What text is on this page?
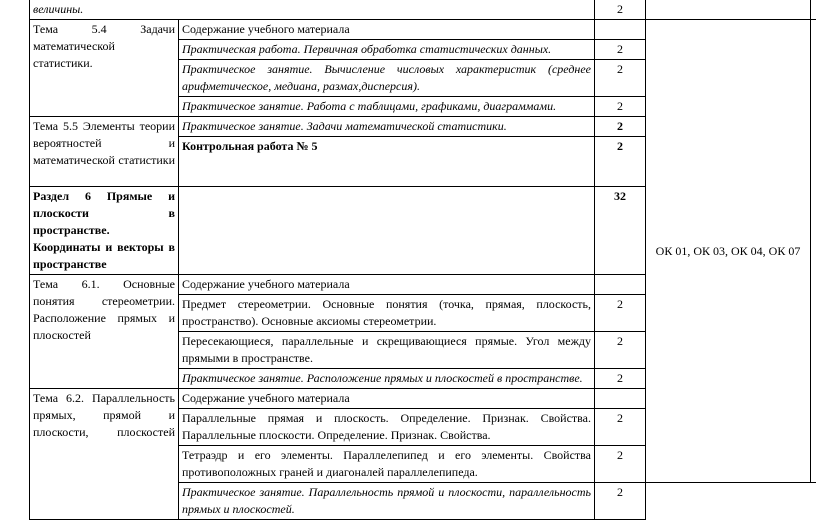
величины.		2		
Тема 5.4 Задачи математической статистики.	Содержание учебного материала		ОК 01, ОК 03, ОК 04, ОК 07	
	Практическая работа. Первичная обработка статистических данных.	2		
	Практическое занятие. Вычисление числовых характеристик (среднее арифметическое, медиана, размах,дисперсия).	2		
	Практическое занятие. Работа с таблицами, графиками, диаграммами.	2		
Тема 5.5 Элементы теории вероятностей и математической статистики	Практическое занятие. Задачи математической статистики.	2		
	Контрольная работа № 5	2		
Раздел 6 Прямые и плоскости в пространстве. Координаты и векторы в пространстве		32		
Тема 6.1. Основные понятия стереометрии. Расположение прямых и плоскостей	Содержание учебного материала			
	Предмет стереометрии. Основные понятия (точка, прямая, плоскость, пространство). Основные аксиомы стереометрии.	2		
	Пересекающиеся, параллельные и скрещивающиеся прямые. Угол между прямыми в пространстве.	2		
	Практическое занятие. Расположение прямых и плоскостей в пространстве.	2		
Тема 6.2. Параллельность прямых, прямой и плоскости, плоскостей	Содержание учебного материала			
	Параллельные прямая и плоскость. Определение. Признак. Свойства. Параллельные плоскости. Определение. Признак. Свойства.	2		
	Тетраэдр и его элементы. Параллелепипед и его элементы. Свойства противоположных граней и диагоналей параллелепипеда.	2		
	Практическое занятие. Параллельность прямой и плоскости, параллельность прямых и плоскостей.	2		
